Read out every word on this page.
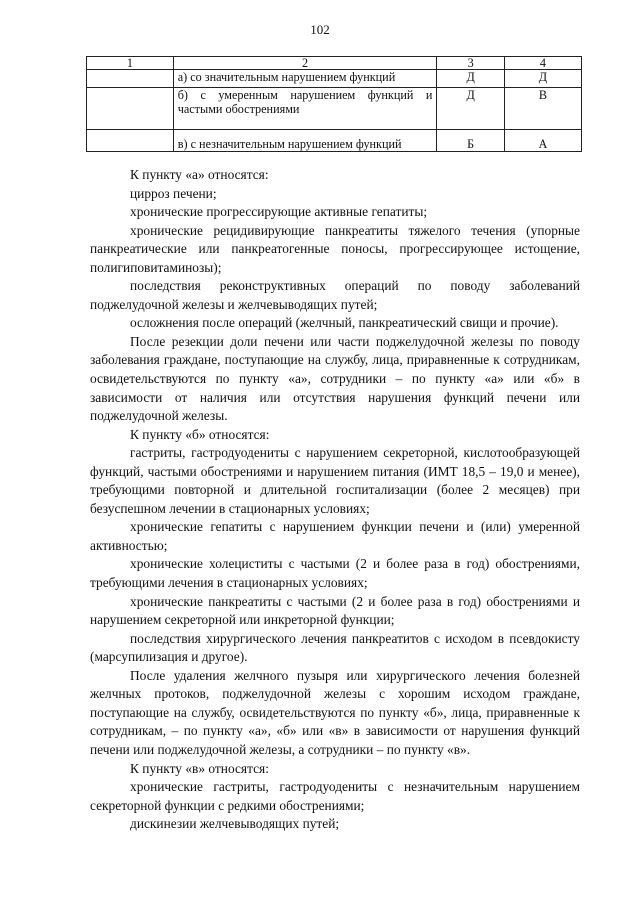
102
1	2	3	4
	а) со значительным нарушением функций	Д	Д
	б) с умеренным нарушением функций и частыми обострениями	Д	В
	в) с незначительным нарушением функций	Б	А

К пункту «а» относятся:

цирроз печени;

хронические прогрессирующие активные гепатиты;

хронические рецидивирующие панкреатиты тяжелого течения (упорные панкреатические или панкреатогенные поносы, прогрессирующее истощение, полигиповитаминозы);

последствия реконструктивных операций по поводу заболеваний поджелудочной железы и желчевыводящих путей;

осложнения после операций (желчный, панкреатический свищи и прочие).

После резекции доли печени или части поджелудочной железы по поводу заболевания граждане, поступающие на службу, лица, приравненные к сотрудникам, освидетельствуются по пункту «а», сотрудники – по пункту «а» или «б» в зависимости от наличия или отсутствия нарушения функций печени или поджелудочной железы.

К пункту «б» относятся:

гастриты, гастродуодениты с нарушением секреторной, кислотообразующей функций, частыми обострениями и нарушением питания (ИМТ 18,5 – 19,0 и менее), требующими повторной и длительной госпитализации (более 2 месяцев) при безуспешном лечении в стационарных условиях;

хронические гепатиты с нарушением функции печени и (или) умеренной активностью;

хронические холециститы с частыми (2 и более раза в год) обострениями, требующими лечения в стационарных условиях;

хронические панкреатиты с частыми (2 и более раза в год) обострениями и нарушением секреторной или инкреторной функции;

последствия хирургического лечения панкреатитов с исходом в псевдокисту (марсупилизация и другое).

После удаления желчного пузыря или хирургического лечения болезней желчных протоков, поджелудочной железы с хорошим исходом граждане, поступающие на службу, освидетельствуются по пункту «б», лица, приравненные к сотрудникам, – по пункту «а», «б» или «в» в зависимости от нарушения функций печени или поджелудочной железы, а сотрудники – по пункту «в».

К пункту «в» относятся:

хронические гастриты, гастродуодениты с незначительным нарушением секреторной функции с редкими обострениями;

дискинезии желчевыводящих путей;
